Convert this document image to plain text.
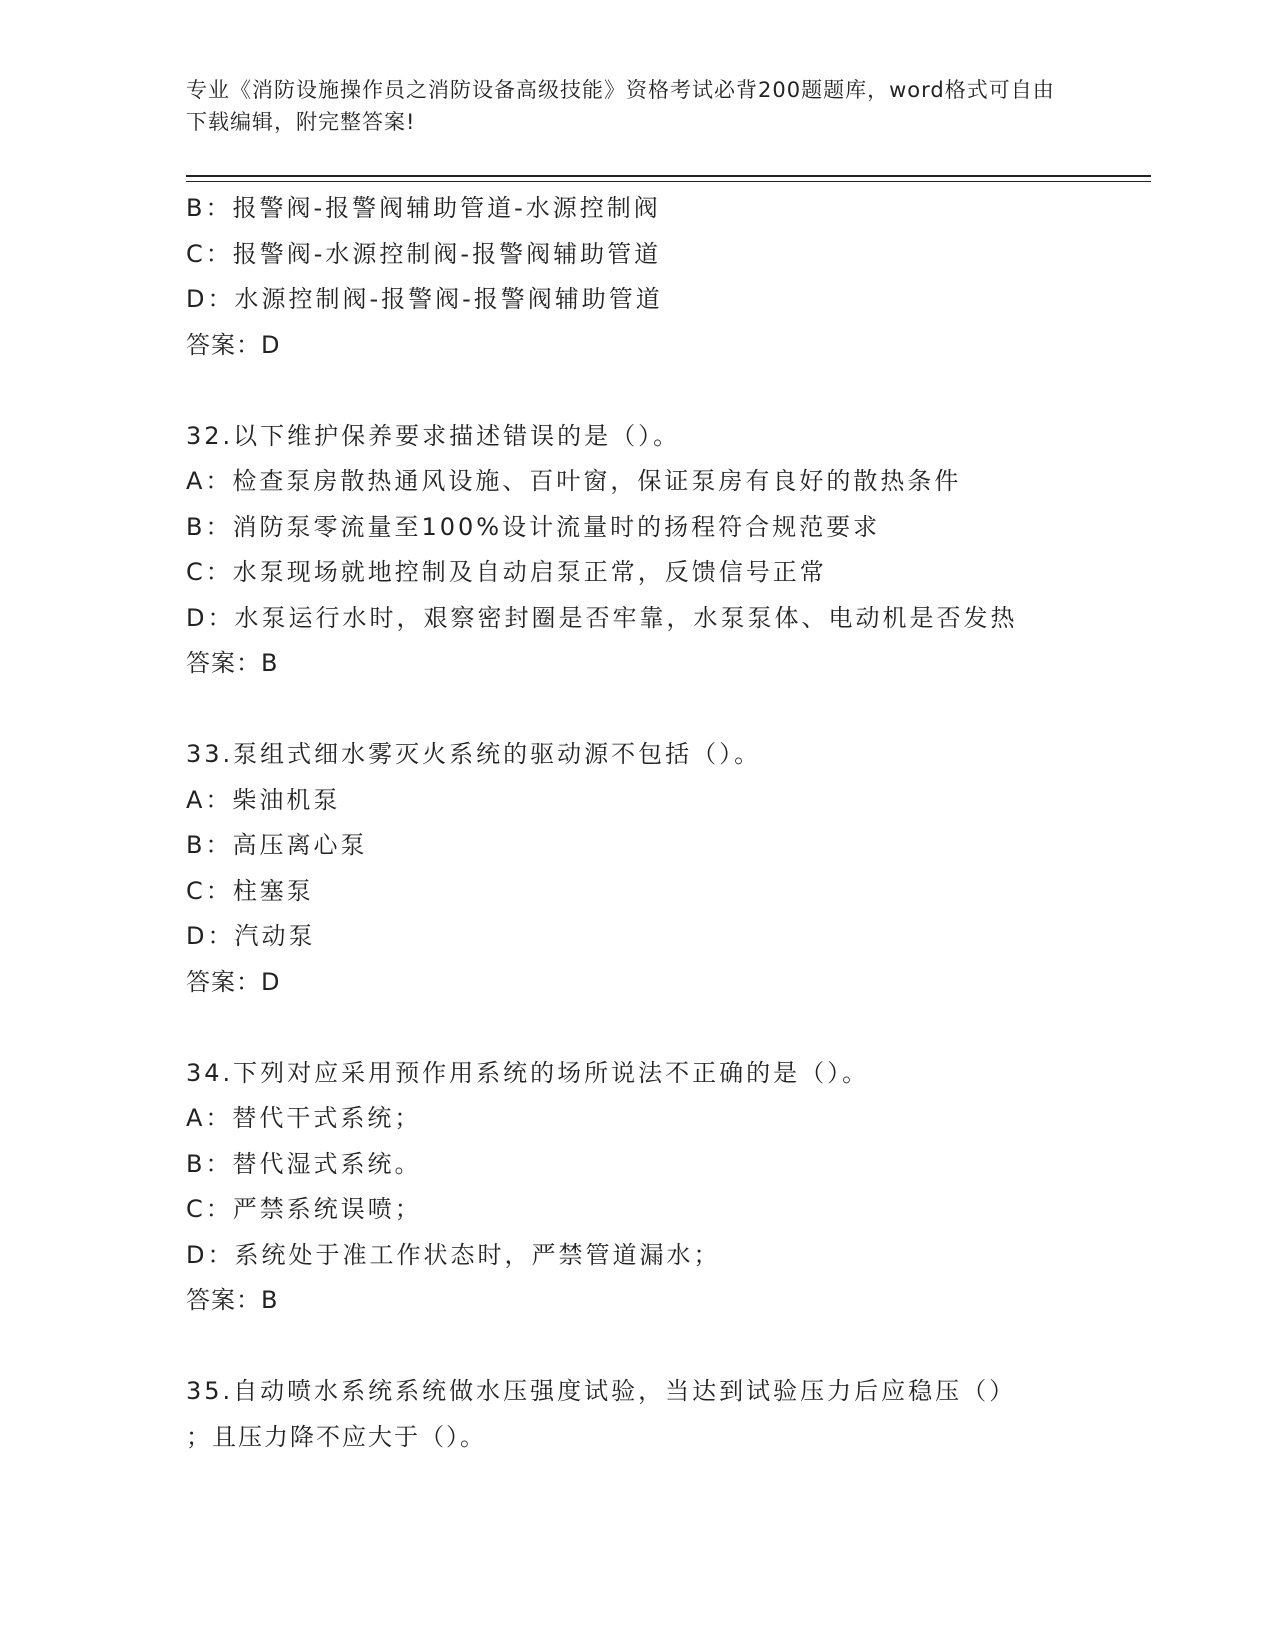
专业《消防设施操作员之消防设备高级技能》资格考试必背200题题库，word格式可自由下载编辑，附完整答案!
B：报警阀-报警阀辅助管道-水源控制阀
C：报警阀-水源控制阀-报警阀辅助管道
D：水源控制阀-报警阀-报警阀辅助管道
答案：D
32.以下维护保养要求描述错误的是（）。
A：检查泵房散热通风设施、百叶窗，保证泵房有良好的散热条件
B：消防泵零流量至100%设计流量时的扬程符合规范要求
C：水泵现场就地控制及自动启泵正常，反馈信号正常
D：水泵运行水时，艰察密封圈是否牢靠，水泵泵体、电动机是否发热
答案：B
33.泵组式细水雾灭火系统的驱动源不包括（）。
A：柴油机泵
B：高压离心泵
C：柱塞泵
D：汽动泵
答案：D
34.下列对应采用预作用系统的场所说法不正确的是（）。
A：替代干式系统；
B：替代湿式系统。
C：严禁系统误喷；
D：系统处于准工作状态时，严禁管道漏水；
答案：B
35.自动喷水系统系统做水压强度试验，当达到试验压力后应稳压（）
；且压力降不应大于（）。
